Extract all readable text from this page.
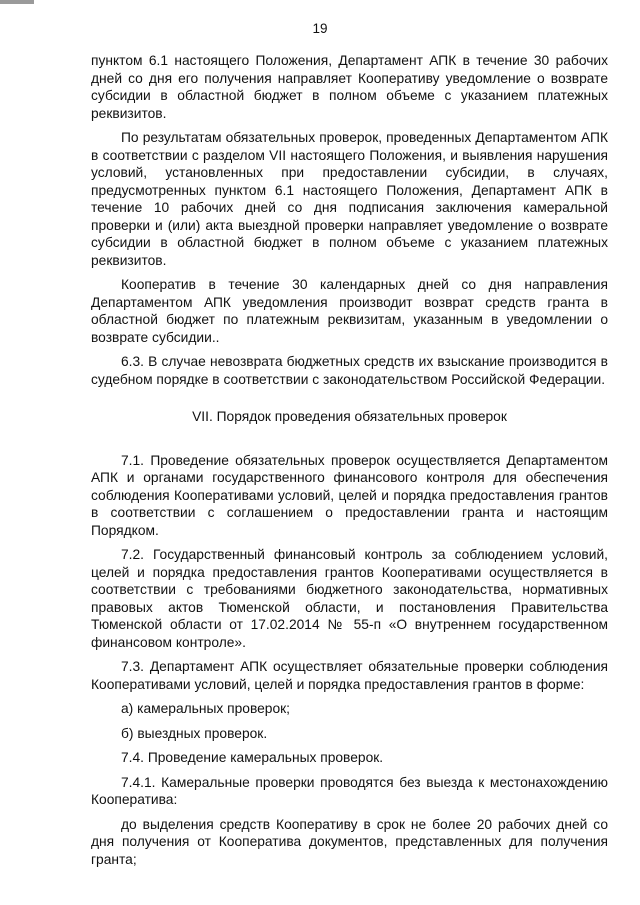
19

пунктом 6.1 настоящего Положения, Департамент АПК в течение 30 рабочих дней со дня его получения направляет Кооперативу уведомление о возврате субсидии в областной бюджет в полном объеме с указанием платежных реквизитов.

По результатам обязательных проверок, проведенных Департаментом АПК в соответствии с разделом VII настоящего Положения, и выявления нарушения условий, установленных при предоставлении субсидии, в случаях, предусмотренных пунктом 6.1 настоящего Положения, Департамент АПК в течение 10 рабочих дней со дня подписания заключения камеральной проверки и (или) акта выездной проверки направляет уведомление о возврате субсидии в областной бюджет в полном объеме с указанием платежных реквизитов.

Кооператив в течение 30 календарных дней со дня направления Департаментом АПК уведомления производит возврат средств гранта в областной бюджет по платежным реквизитам, указанным в уведомлении о возврате субсидии..

6.3. В случае невозврата бюджетных средств их взыскание производится в судебном порядке в соответствии с законодательством Российской Федерации.

VII. Порядок проведения обязательных проверок

7.1. Проведение обязательных проверок осуществляется Департаментом АПК и органами государственного финансового контроля для обеспечения соблюдения Кооперативами условий, целей и порядка предоставления грантов в соответствии с соглашением о предоставлении гранта и настоящим Порядком.

7.2. Государственный финансовый контроль за соблюдением условий, целей и порядка предоставления грантов Кооперативами осуществляется в соответствии с требованиями бюджетного законодательства, нормативных правовых актов Тюменской области, и постановления Правительства Тюменской области от 17.02.2014 № 55-п «О внутреннем государственном финансовом контроле».

7.3. Департамент АПК осуществляет обязательные проверки соблюдения Кооперативами условий, целей и порядка предоставления грантов в форме:

а) камеральных проверок;

б) выездных проверок.

7.4. Проведение камеральных проверок.

7.4.1. Камеральные проверки проводятся без выезда к местонахождению Кооператива:

до выделения средств Кооперативу в срок не более 20 рабочих дней со дня получения от Кооператива документов, представленных для получения гранта;
